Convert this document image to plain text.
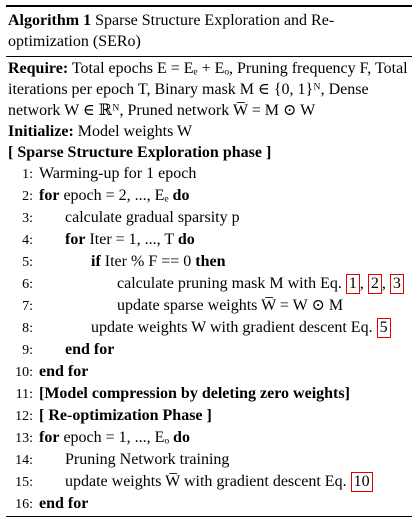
Algorithm 1 Sparse Structure Exploration and Re-optimization (SERo)
Require: Total epochs E = Eₑ + Eₒ, Pruning frequency F, Total iterations per epoch T, Binary mask M ∈ {0, 1}ᴺ, Dense network W ∈ ℝᴺ, Pruned network W̅ = M ⊙ W
Initialize: Model weights W
[ Sparse Structure Exploration phase ]
1: Warming-up for 1 epoch
2: for epoch = 2, ..., Eₑ do
3: calculate gradual sparsity p
4: for Iter = 1, ..., T do
5:	if Iter % F == 0 then
6:	calculate pruning mask M with Eq. 1 , 2 , 3
7:	update sparse weights W̅ = W ⊙ M
8:	update weights W with gradient descent Eq. 5
9: end for
10: end for
11: [Model compression by deleting zero weights]
12: [ Re-optimization Phase ]
13: for epoch = 1, ..., Eₒ do
14: Pruning Network training
15: update weights W̅ with gradient descent Eq. 10
16: end for
